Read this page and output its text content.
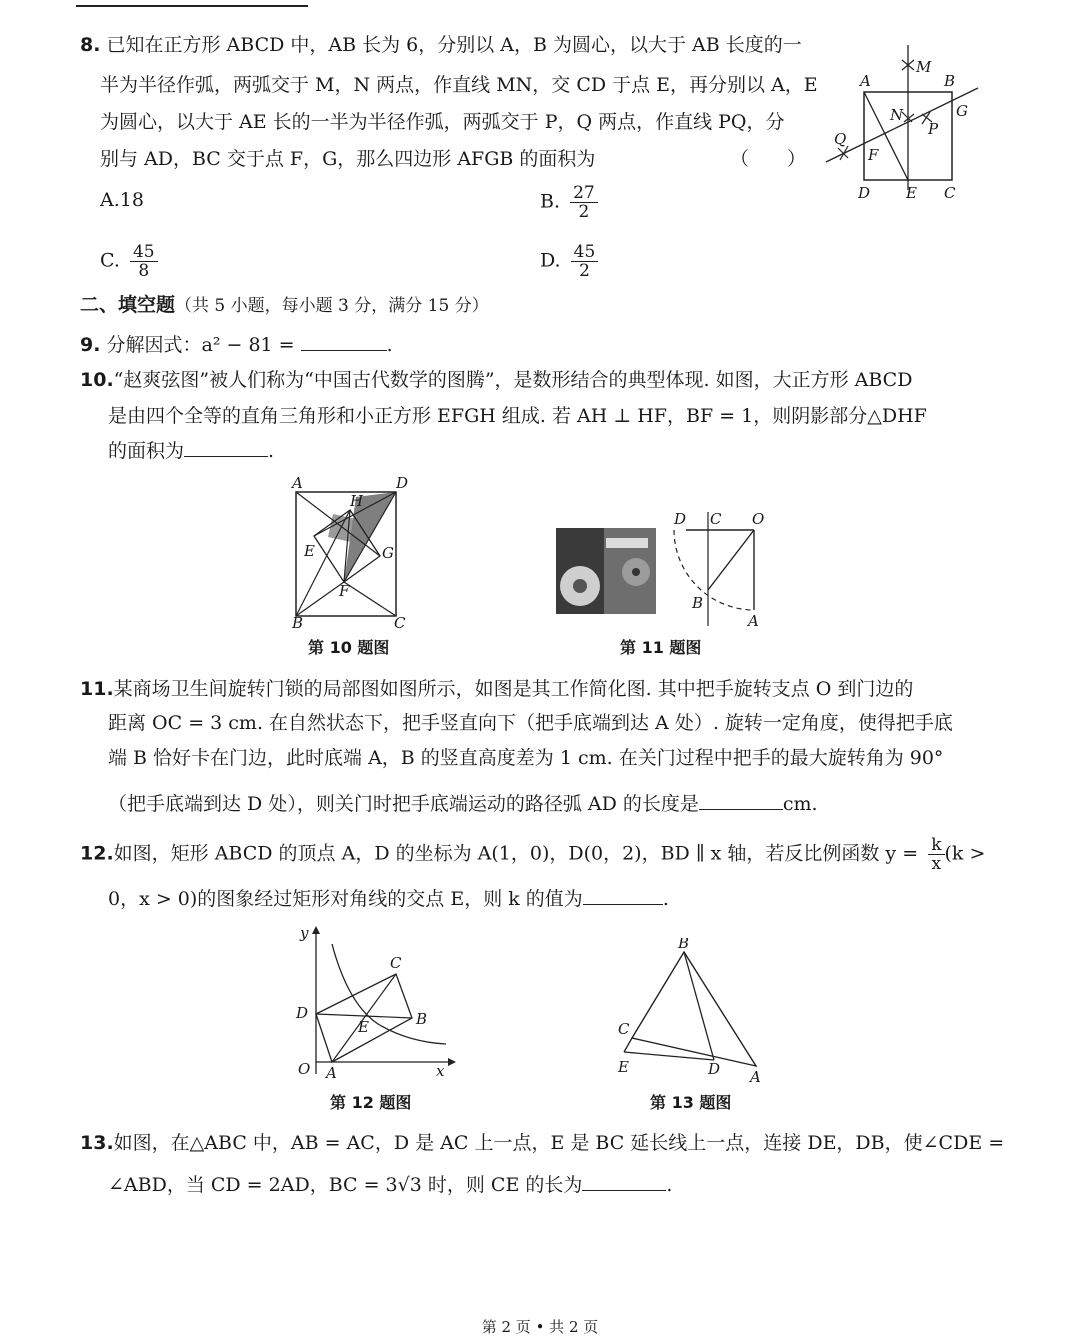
8. 已知在正方形 ABCD 中，AB 长为 6，分别以 A，B 为圆心，以大于 AB 长度的一
半为半径作弧，两弧交于 M，N 两点，作直线 MN，交 CD 于点 E，再分别以 A，E
为圆心，以大于 AE 长的一半为半径作弧，两弧交于 P，Q 两点，作直线 PQ，分
别与 AD，BC 交于点 F，G，那么四边形 AFGB 的面积为	（　　）
A.18	B. $\frac{27}{2}$
C. $\frac{45}{8}$	D. $\frac{45}{2}$
A	B
C
D E
F
G
M
N
P
Q
二、填空题（共 5 小题，每小题 3 分，满分 15 分）
9. 分解因式：a² − 81 =	.
10.“赵爽弦图”被人们称为“中国古代数学的图腾”，是数形结合的典型体现. 如图，大正方形 ABCD
是由四个全等的直角三角形和小正方形 EFGH 组成. 若 AH ⊥ HF，BF = 1，则阴影部分△DHF
的面积为	.
A
B	C
D
E
F
G
H
第 10 题图
D C O
B
A
第 11 题图
11.某商场卫生间旋转门锁的局部图如图所示，如图是其工作简化图. 其中把手旋转支点 O 到门边的
距离 OC = 3 cm. 在自然状态下，把手竖直向下（把手底端到达 A 处）. 旋转一定角度，使得把手底
端 B 恰好卡在门边，此时底端 A，B 的竖直高度差为 1 cm. 在关门过程中把手的最大旋转角为 90°
（把手底端到达 D 处），则关门时把手底端运动的路径弧 AD 的长度是	cm.
12.如图，矩形 ABCD 的顶点 A，D 的坐标为 A(1，0)，D(0，2)，BD ∥ x 轴，若反比例函数 $y = \frac{k}{x} (k$ >
0，x > 0)的图象经过矩形对角线的交点 E，则 k 的值为	.
y
x
O A
B
C
D
E
第 12 题图
B
C
D
E
A
第 13 题图
13.如图，在△ABC 中，AB = AC，D 是 AC 上一点，E 是 BC 延长线上一点，连接 DE，DB，使∠CDE =
∠ABD，当 CD = 2AD，BC = 3√3 时，则 CE 的长为	.
第 2 页 • 共 2 页
